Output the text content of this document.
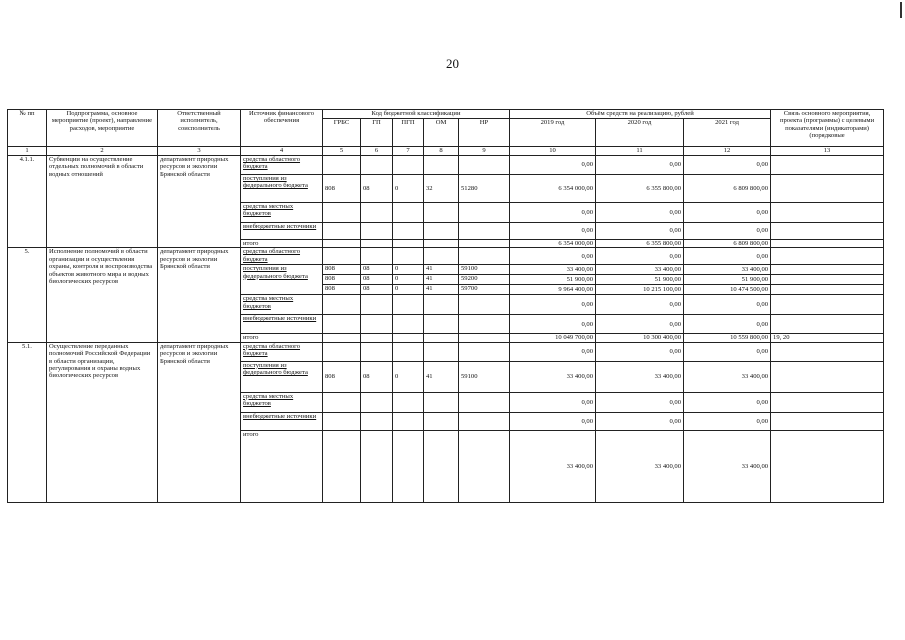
20
№ пп	Подпрограмма, основное мероприятие (проект), направление расходов, мероприятие	Ответственный исполнитель, соисполнитель	Источник финансового обеспечения	Код бюджетной классификации					Объём средств на реализацию, рублей			Связь основного мероприятия, проекта (программы) с целевыми показателями (индикаторами) (порядковые
				ГРБС	ГП	ПГП	ОМ	НР	2019 год	2020 год	2021 год	
1	2	3	4	5	6	7	8	9	10	11	12	13
4.1.1.	Субвенции на осуществление отдельных полномочий в области водных отношений	департамент природных ресурсов и экологии Брянской области	средства областного бюджета						0,00	0,00	0,00	
			поступления из федерального бюджета	808	08	0	32	51280	6 354 000,00	6 355 800,00	6 809 800,00	
			средства местных бюджетов						0,00	0,00	0,00	
			внебюджетные источники						0,00	0,00	0,00	
			итого						6 354 000,00	6 355 800,00	6 809 800,00	
5.	Исполнение полномочий в области организации и осуществления охраны, контроля и воспроизводства объектов животного мира и водных биологических ресурсов	департамент природных ресурсов и экологии Брянской области	средства областного бюджета						0,00	0,00	0,00	
			поступления из федерального бюджета	808	08	0	41	59100	33 400,00	33 400,00	33 400,00	
				808	08	0	41	59200	51 900,00	51 900,00	51 900,00	
				808	08	0	41	59700	9 964 400,00	10 215 100,00	10 474 500,00	
			средства местных бюджетов						0,00	0,00	0,00	
			внебюджетные источники						0,00	0,00	0,00	
			итого						10 049 700,00	10 300 400,00	10 559 800,00	19, 20
5.1.	Осуществление переданных полномочий Российской Федерации в области организации, регулирования и охраны водных биологических ресурсов	департамент природных ресурсов и экологии Брянской области	средства областного бюджета						0,00	0,00	0,00	
			поступления из федерального бюджета	808	08	0	41	59100	33 400,00	33 400,00	33 400,00	
			средства местных бюджетов						0,00	0,00	0,00	
			внебюджетные источники						0,00	0,00	0,00	
			итого						33 400,00	33 400,00	33 400,00	
